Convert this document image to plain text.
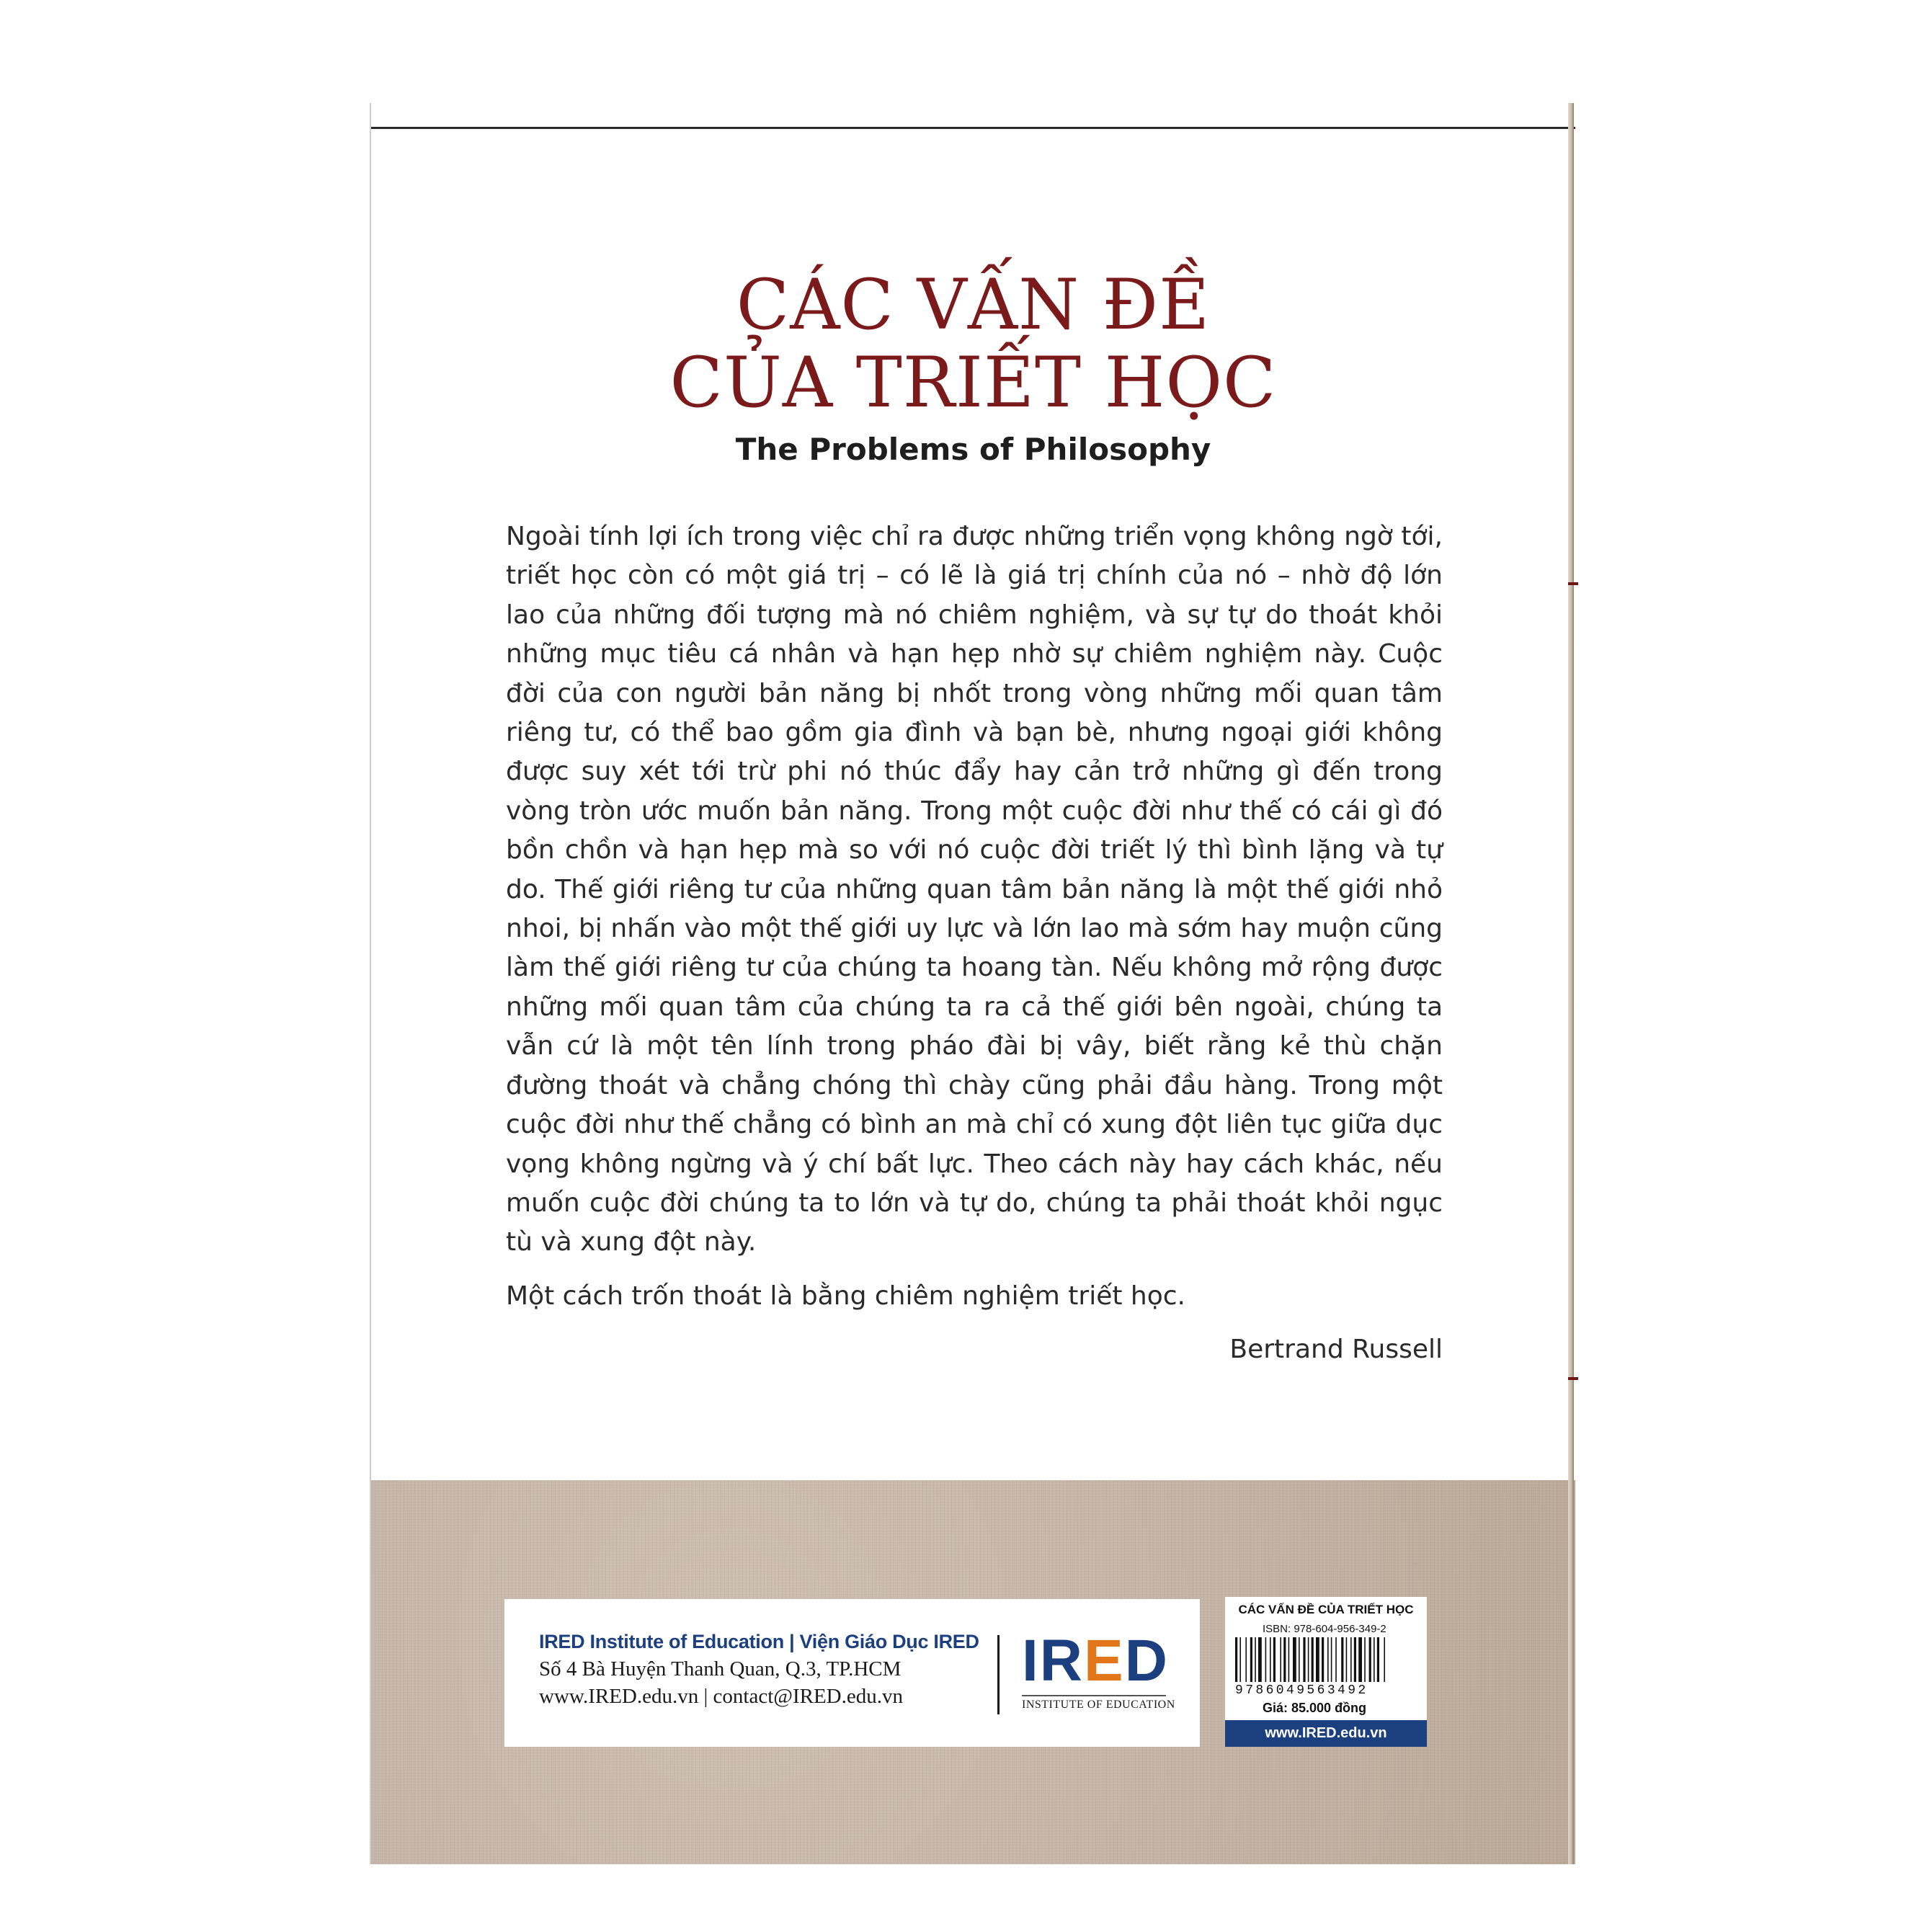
CÁC VẤN ĐỀ

CỦA TRIẾT HỌC

The Problems of Philosophy

Ngoài tính lợi ích trong việc chỉ ra được những triển vọng không ngờ tới, triết học còn có một giá trị – có lẽ là giá trị chính của nó – nhờ độ lớn lao của những đối tượng mà nó chiêm nghiệm, và sự tự do thoát khỏi những mục tiêu cá nhân và hạn hẹp nhờ sự chiêm nghiệm này. Cuộc đời của con người bản năng bị nhốt trong vòng những mối quan tâm riêng tư, có thể bao gồm gia đình và bạn bè, nhưng ngoại giới không được suy xét tới trừ phi nó thúc đẩy hay cản trở những gì đến trong vòng tròn ước muốn bản năng. Trong một cuộc đời như thế có cái gì đó bồn chồn và hạn hẹp mà so với nó cuộc đời triết lý thì bình lặng và tự do. Thế giới riêng tư của những quan tâm bản năng là một thế giới nhỏ nhoi, bị nhấn vào một thế giới uy lực và lớn lao mà sớm hay muộn cũng làm thế giới riêng tư của chúng ta hoang tàn. Nếu không mở rộng được những mối quan tâm của chúng ta ra cả thế giới bên ngoài, chúng ta vẫn cứ là một tên lính trong pháo đài bị vây, biết rằng kẻ thù chặn đường thoát và chẳng chóng thì chày cũng phải đầu hàng. Trong một cuộc đời như thế chẳng có bình an mà chỉ có xung đột liên tục giữa dục vọng không ngừng và ý chí bất lực. Theo cách này hay cách khác, nếu muốn cuộc đời chúng ta to lớn và tự do, chúng ta phải thoát khỏi ngục tù và xung đột này.

Một cách trốn thoát là bằng chiêm nghiệm triết học.

Bertrand Russell

IRED Institute of Education | Viện Giáo Dục IRED
Số 4 Bà Huyện Thanh Quan, Q.3, TP.HCM
www.IRED.edu.vn | contact@IRED.edu.vn
I R E D
INSTITUTE OF EDUCATION
CÁC VẤN ĐỀ CỦA TRIẾT HỌC
ISBN: 978-604-956-349-2
9786049563492
Giá: 85.000 đồng
www.IRED.edu.vn
